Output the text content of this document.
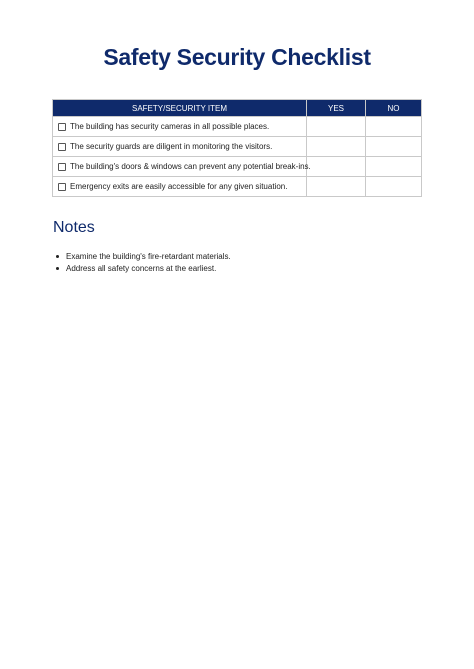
Safety Security Checklist
SAFETY/SECURITY ITEM	YES	NO

The building has security cameras in all possible places.		

The security guards are diligent in monitoring the visitors.		

The building's doors & windows can prevent any potential break-ins.		

Emergency exits are easily accessible for any given situation.		

Notes
Examine the building's fire-retardant materials.
Address all safety concerns at the earliest.
